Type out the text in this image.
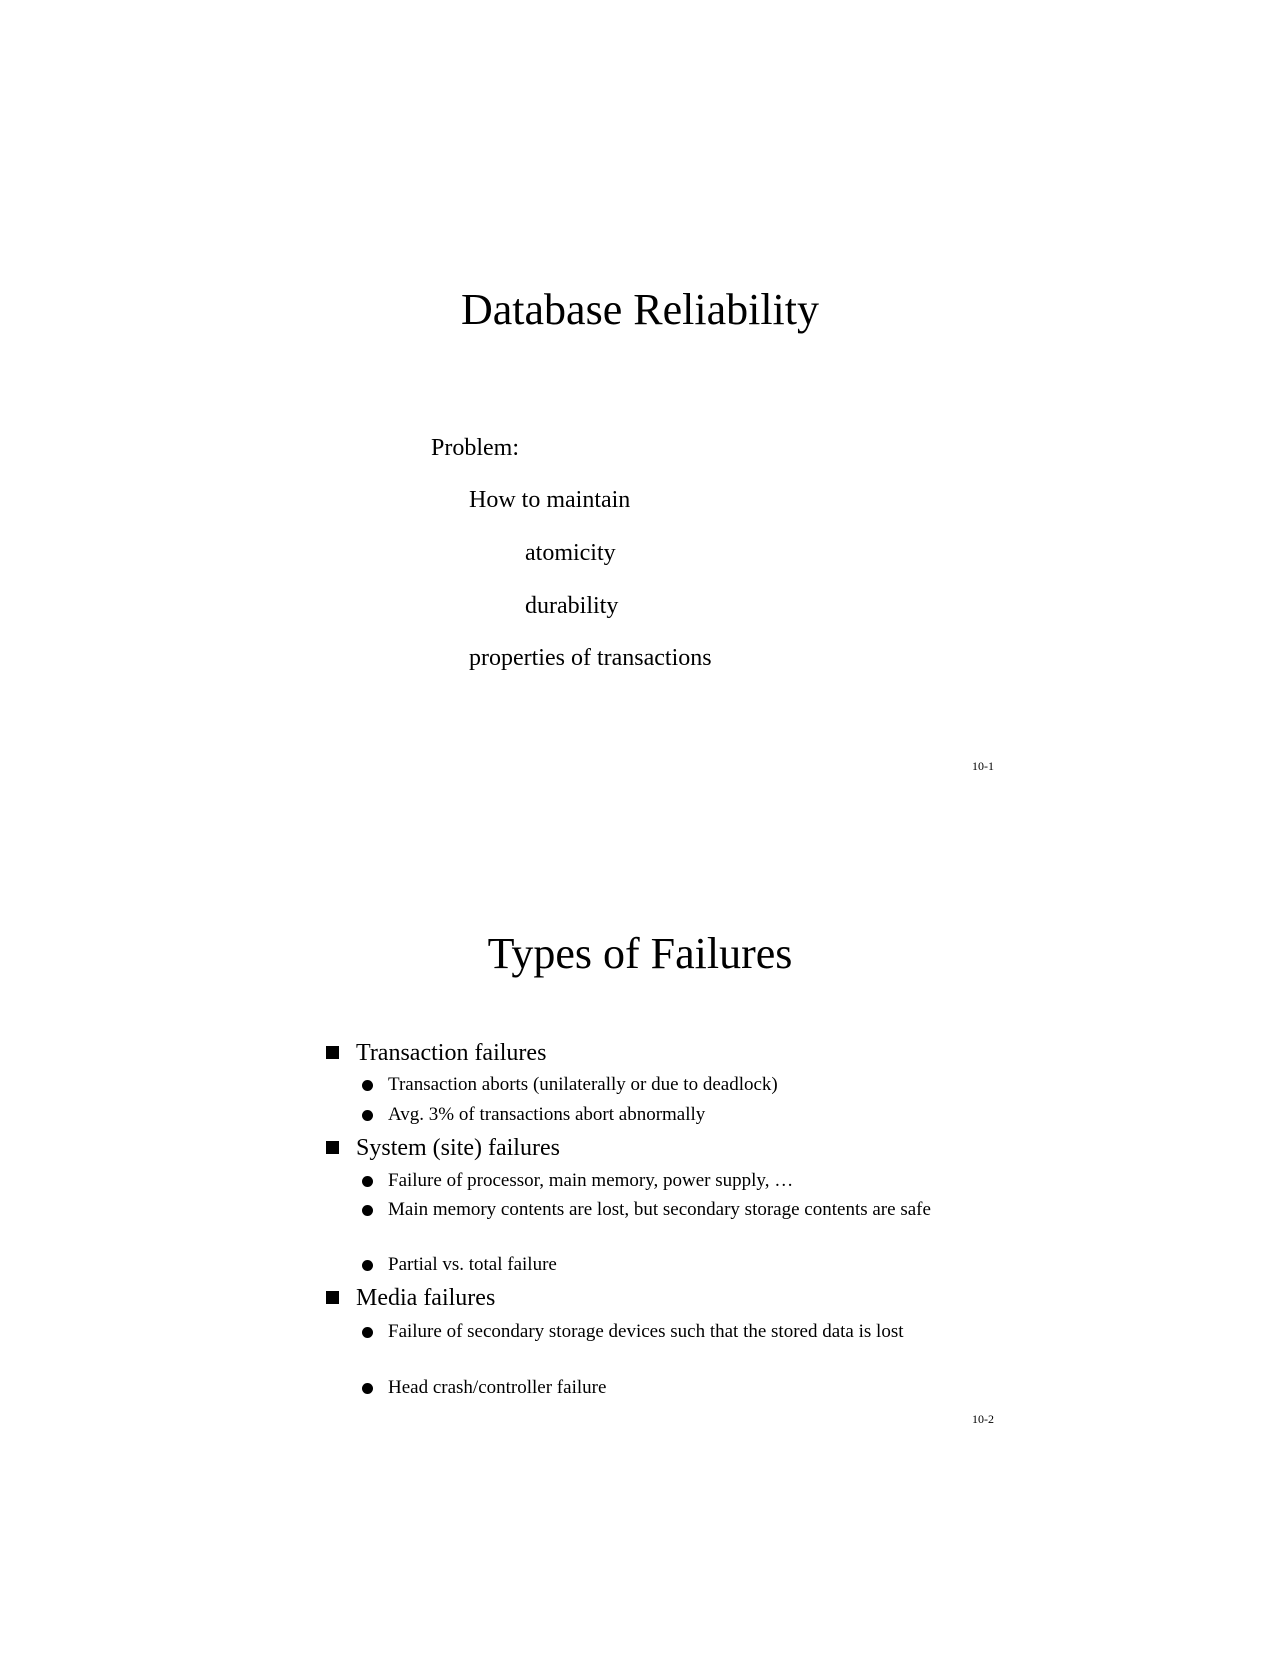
Database Reliability
Problem:
How to maintain
atomicity
durability
properties of transactions
10-1
Types of Failures
Transaction failures
Transaction aborts (unilaterally or due to deadlock)
Avg. 3% of transactions abort abnormally
System (site) failures
Failure of processor, main memory, power supply, …
Main memory contents are lost, but secondary storage contents are safe
Partial vs. total failure
Media failures
Failure of secondary storage devices such that the stored data is lost
Head crash/controller failure
10-2
